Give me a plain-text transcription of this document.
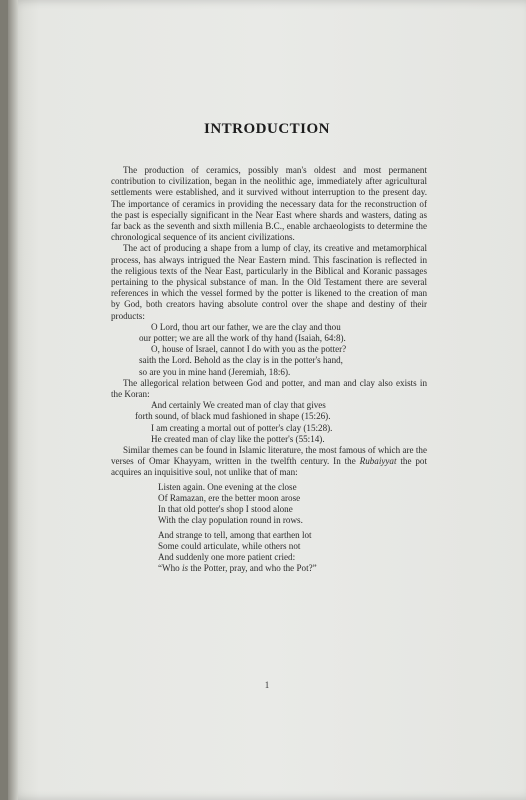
INTRODUCTION

The production of ceramics, possibly man's oldest and most permanent contribution to civilization, began in the neolithic age, immediately after agricultural settlements were established, and it survived without interruption to the present day. The importance of ceramics in providing the necessary data for the reconstruction of the past is especially significant in the Near East where shards and wasters, dating as far back as the seventh and sixth millenia B.C., enable archaeologists to determine the chronological sequence of its ancient civilizations.

The act of producing a shape from a lump of clay, its creative and metamorphical process, has always intrigued the Near Eastern mind. This fascination is reflected in the religious texts of the Near East, particularly in the Biblical and Koranic passages pertaining to the physical substance of man. In the Old Testament there are several references in which the vessel formed by the potter is likened to the creation of man by God, both creators having absolute control over the shape and destiny of their products:

O Lord, thou art our father, we are the clay and thou
our potter; we are all the work of thy hand (Isaiah, 64:8).
O, house of Israel, cannot I do with you as the potter?
saith the Lord. Behold as the clay is in the potter's hand,
so are you in mine hand (Jeremiah, 18:6).

The allegorical relation between God and potter, and man and clay also exists in the Koran:

And certainly We created man of clay that gives
forth sound, of black mud fashioned in shape (15:26).
I am creating a mortal out of potter's clay (15:28).
He created man of clay like the potter's (55:14).

Similar themes can be found in Islamic literature, the most famous of which are the verses of Omar Khayyam, written in the twelfth century. In the Rubaiyyat the pot acquires an inquisitive soul, not unlike that of man:

Listen again. One evening at the close
Of Ramazan, ere the better moon arose
In that old potter's shop I stood alone
With the clay population round in rows.
And strange to tell, among that earthen lot
Some could articulate, while others not
And suddenly one more patient cried:
“Who is the Potter, pray, and who the Pot?”
1
